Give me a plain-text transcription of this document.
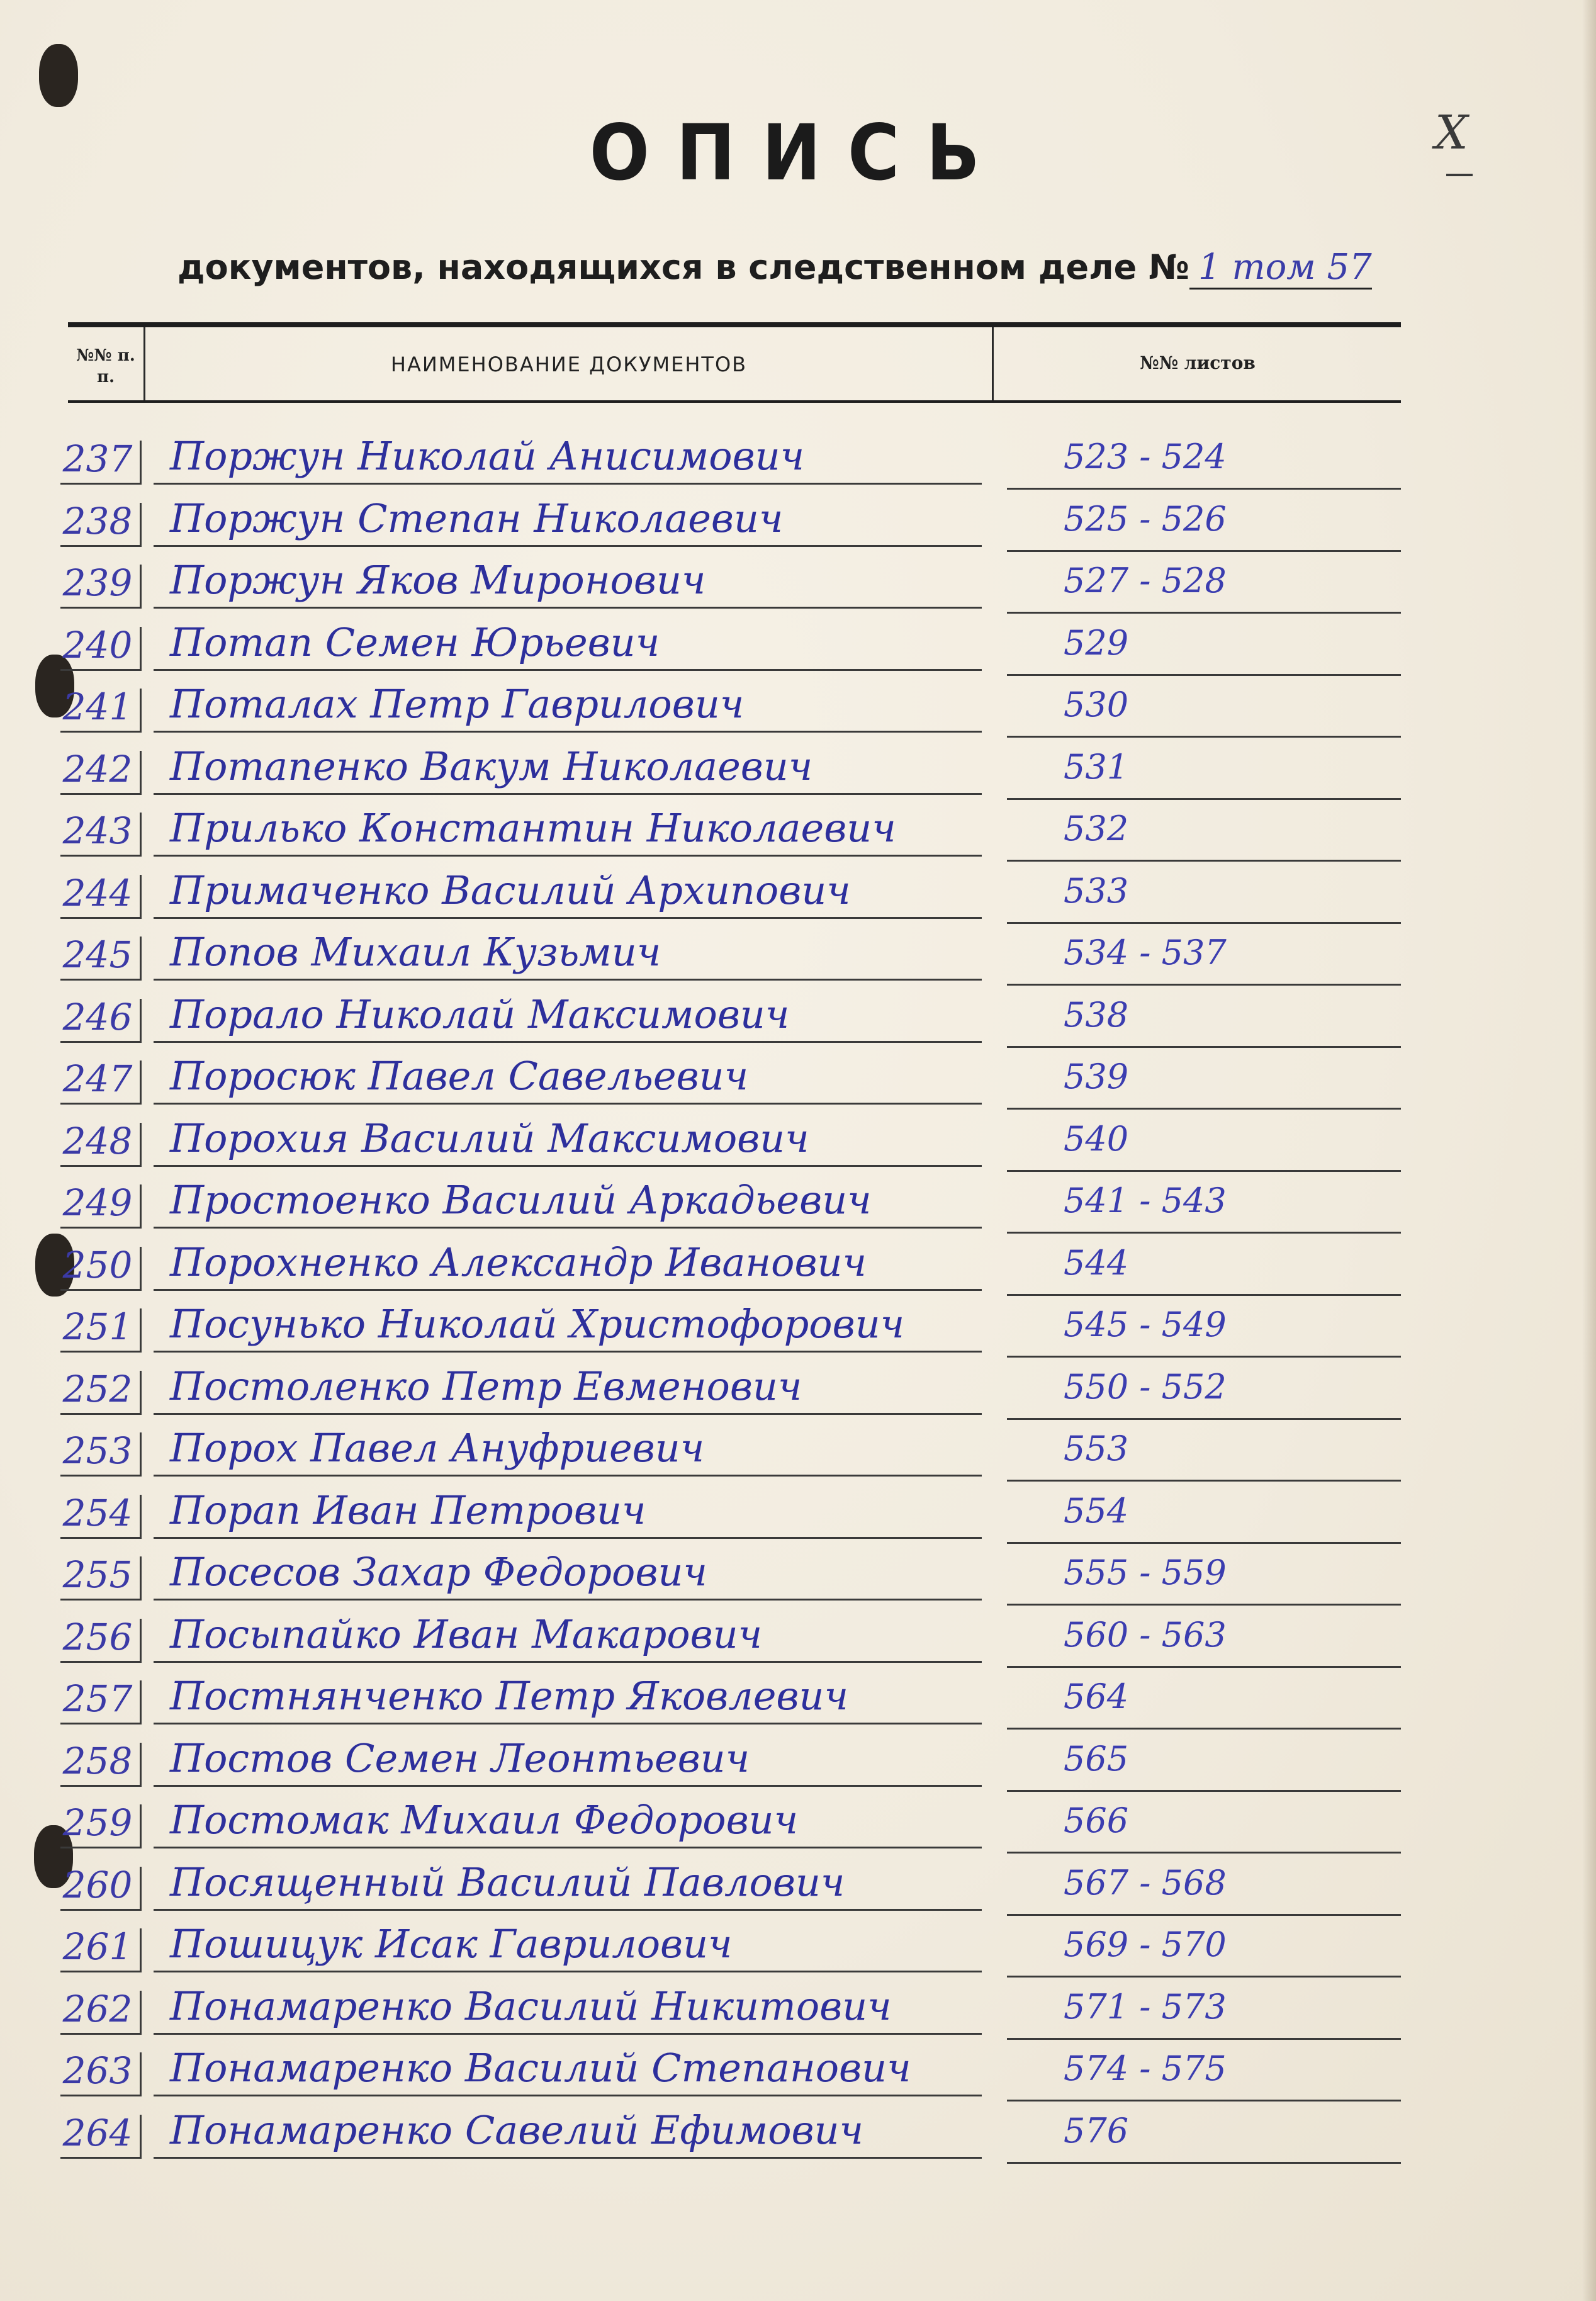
ОПИСЬ	X
документов, находящихся в следственном деле № 1 том 57
№№ п. п.
НАИМЕНОВАНИЕ ДОКУМЕНТОВ	№№ листов
237 Поржун Николай Анисимович	523 - 524
238 Поржун Степан Николаевич	525 - 526
239 Поржун Яков Миронович	527 - 528
240 Потап Семен Юрьевич	529
241 Поталах Петр Гаврилович	530
242 Потапенко Вакум Николаевич	531
243 Прилько Константин Николаевич	532
244 Примаченко Василий Архипович	533
245 Попов Михаил Кузьмич	534 - 537
246 Порало Николай Максимович	538
247 Поросюк Павел Савельевич	539
248 Порохия Василий Максимович	540
249 Простоенко Василий Аркадьевич	541 - 543
250 Порохненко Александр Иванович	544
251 Посунько Николай Христофорович	545 - 549
252 Постоленко Петр Евменович	550 - 552
253 Порох Павел Ануфриевич	553
254 Порап Иван Петрович	554
255 Посесов Захар Федорович	555 - 559
256 Посыпайко Иван Макарович	560 - 563
257 Постнянченко Петр Яковлевич	564
258 Постов Семен Леонтьевич	565
259 Постомак Михаил Федорович	566
260 Посященный Василий Павлович	567 - 568
261 Пошицук Исак Гаврилович	569 - 570
262 Понамаренко Василий Никитович	571 - 573
263 Понамаренко Василий Степанович	574 - 575
264 Понамаренко Савелий Ефимович	576
